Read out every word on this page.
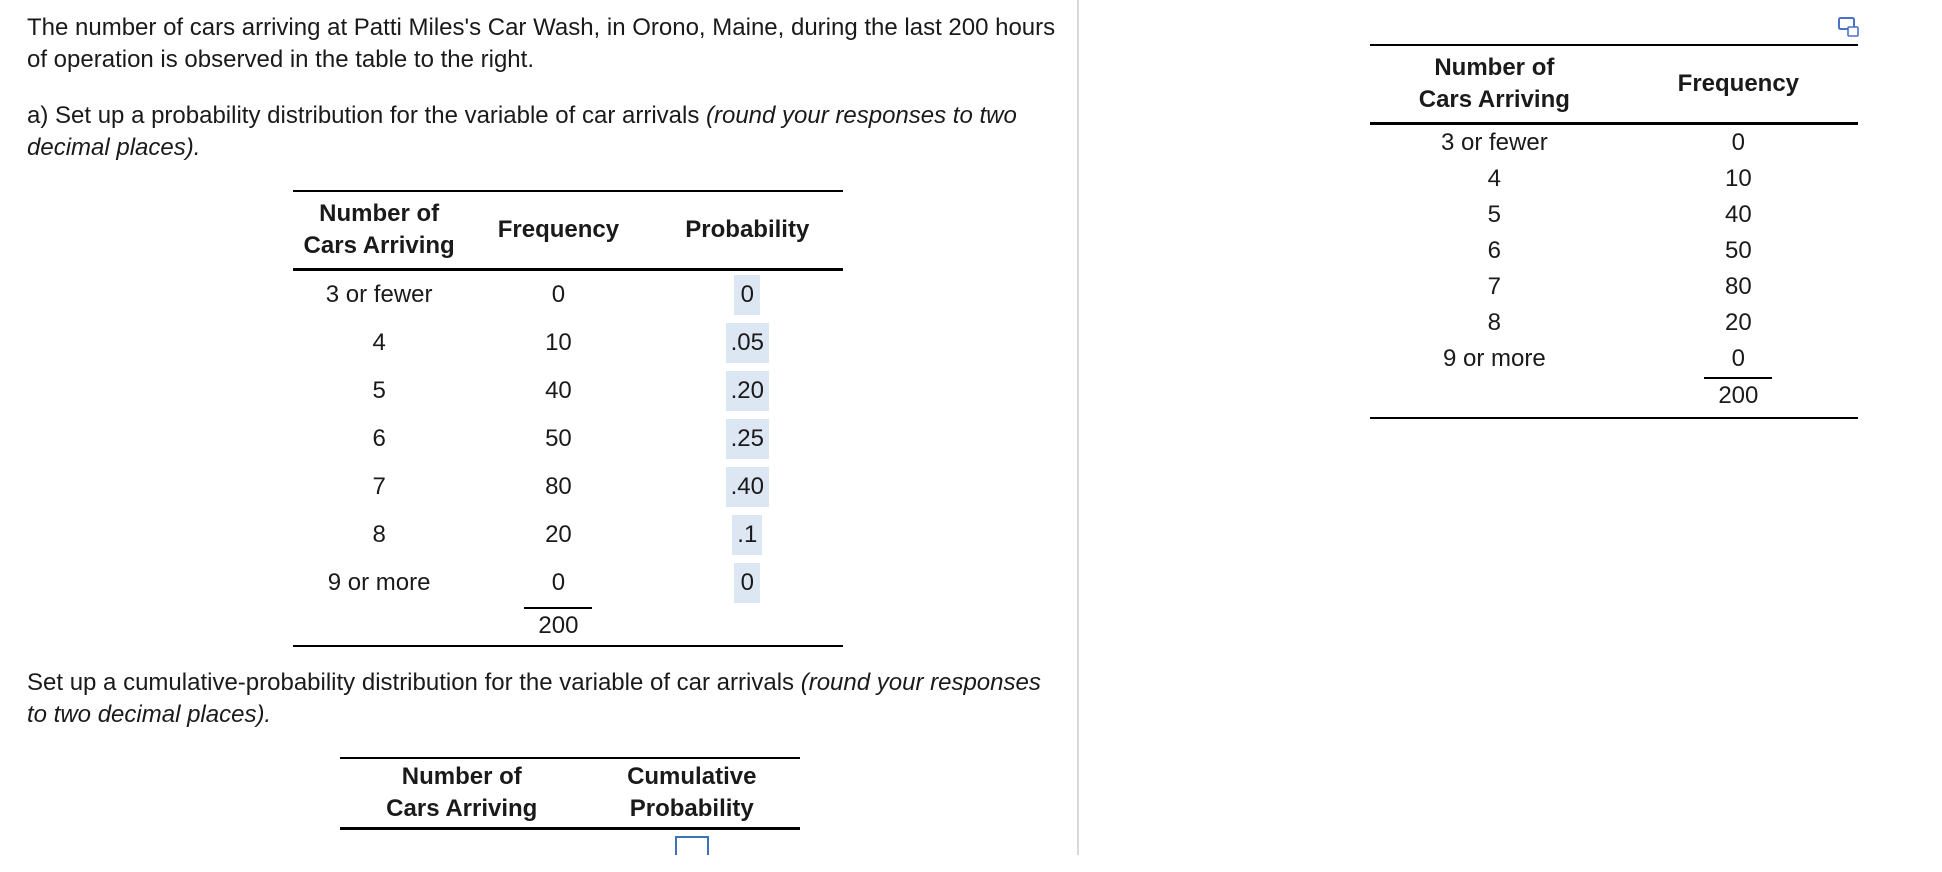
The number of cars arriving at Patti Miles's Car Wash, in Orono, Maine, during the last 200 hours of operation is observed in the table to the right.

a) Set up a probability distribution for the variable of car arrivals (round your responses to two decimal places).

Number of
Cars Arriving	Frequency	Probability
3 or fewer	0	0
4	10	.05
5	40	.20
6	50	.25
7	80	.40
8	20	.1
9 or more	0	0
	200	

Set up a cumulative-probability distribution for the variable of car arrivals (round your responses to two decimal places).

Number of
Cars Arriving	Cumulative
Probability

Number of
Cars Arriving	Frequency
3 or fewer	0
4	10
5	40
6	50
7	80
8	20
9 or more	0
	200
